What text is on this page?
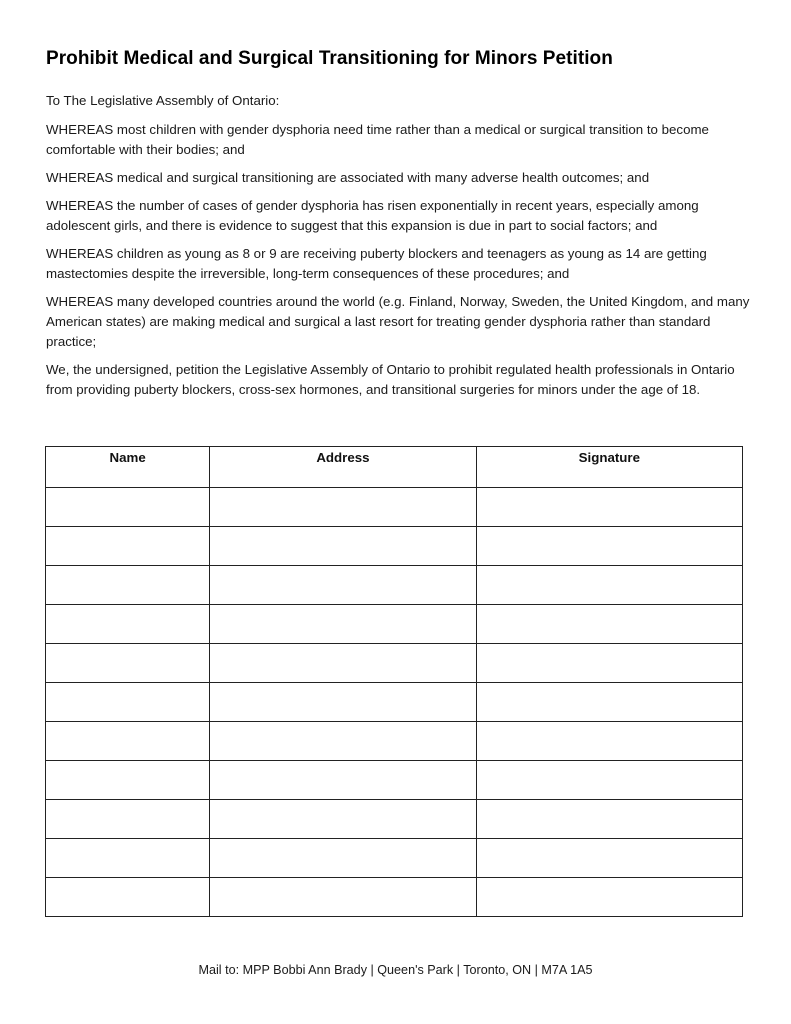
Prohibit Medical and Surgical Transitioning for Minors Petition

To The Legislative Assembly of Ontario:

WHEREAS most children with gender dysphoria need time rather than a medical or surgical transition to become comfortable with their bodies; and

WHEREAS medical and surgical transitioning are associated with many adverse health outcomes; and

WHEREAS the number of cases of gender dysphoria has risen exponentially in recent years, especially among adolescent girls, and there is evidence to suggest that this expansion is due in part to social factors; and

WHEREAS children as young as 8 or 9 are receiving puberty blockers and teenagers as young as 14 are getting mastectomies despite the irreversible, long-term consequences of these procedures; and

WHEREAS many developed countries around the world (e.g. Finland, Norway, Sweden, the United Kingdom, and many American states) are making medical and surgical a last resort for treating gender dysphoria rather than standard practice;

We, the undersigned, petition the Legislative Assembly of Ontario to prohibit regulated health professionals in Ontario from providing puberty blockers, cross-sex hormones, and transitional surgeries for minors under the age of 18.

Name	Address	Signature

Mail to: MPP Bobbi Ann Brady | Queen's Park | Toronto, ON | M7A 1A5
